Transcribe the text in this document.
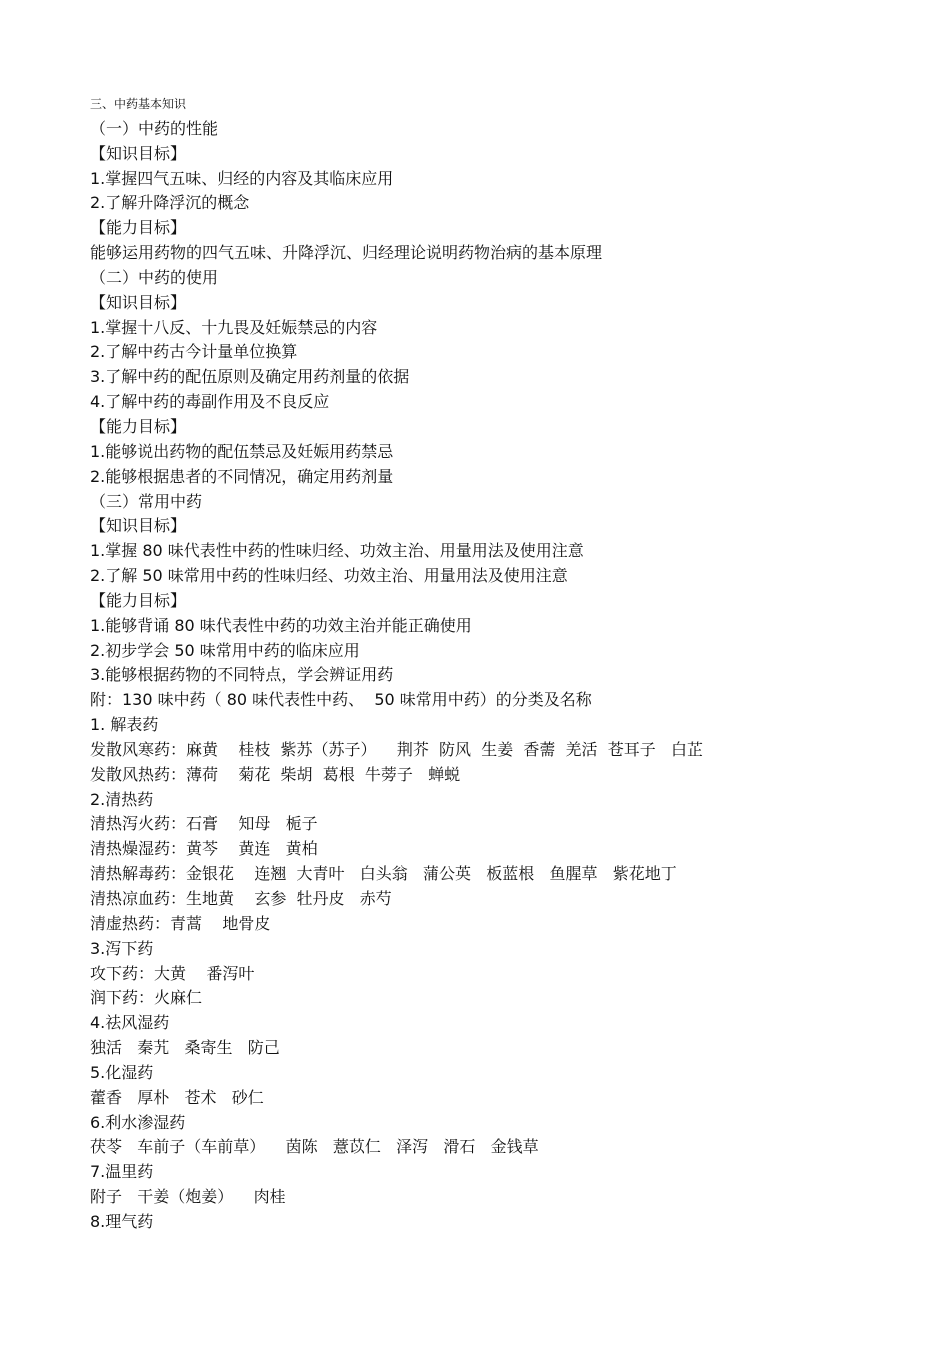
三、中药基本知识
（一）中药的性能
【知识目标】
1.掌握四气五味、归经的内容及其临床应用
2.了解升降浮沉的概念
【能力目标】
能够运用药物的四气五味、升降浮沉、归经理论说明药物治病的基本原理
（二）中药的使用
【知识目标】
1.掌握十八反、十九畏及妊娠禁忌的内容
2.了解中药古今计量单位换算
3.了解中药的配伍原则及确定用药剂量的依据
4.了解中药的毒副作用及不良反应
【能力目标】
1.能够说出药物的配伍禁忌及妊娠用药禁忌
2.能够根据患者的不同情况，确定用药剂量
（三）常用中药
【知识目标】
1.掌握 80 味代表性中药的性味归经、功效主治、用量用法及使用注意
2.了解 50 味常用中药的性味归经、功效主治、用量用法及使用注意
【能力目标】
1.能够背诵 80 味代表性中药的功效主治并能正确使用
2.初步学会 50 味常用中药的临床应用
3.能够根据药物的不同特点，学会辨证用药
附：130 味中药（ 80 味代表性中药、  50 味常用中药）的分类及名称
1. 解表药
发散风寒药：麻黄    桂枝  紫苏（苏子）    荆芥  防风  生姜  香薷  羌活  苍耳子   白芷
发散风热药：薄荷    菊花  柴胡  葛根  牛蒡子   蝉蜕
2.清热药
清热泻火药：石膏    知母   栀子
清热燥湿药：黄芩    黄连   黄柏
清热解毒药：金银花    连翘  大青叶   白头翁   蒲公英   板蓝根   鱼腥草   紫花地丁
清热凉血药：生地黄    玄参  牡丹皮   赤芍
清虚热药：青蒿    地骨皮
3.泻下药
攻下药：大黄    番泻叶
润下药：火麻仁
4.祛风湿药
独活   秦艽   桑寄生   防己
5.化湿药
藿香   厚朴   苍术   砂仁
6.利水渗湿药
茯苓   车前子（车前草）    茵陈   薏苡仁   泽泻   滑石   金钱草
7.温里药
附子   干姜（炮姜）    肉桂
8.理气药
